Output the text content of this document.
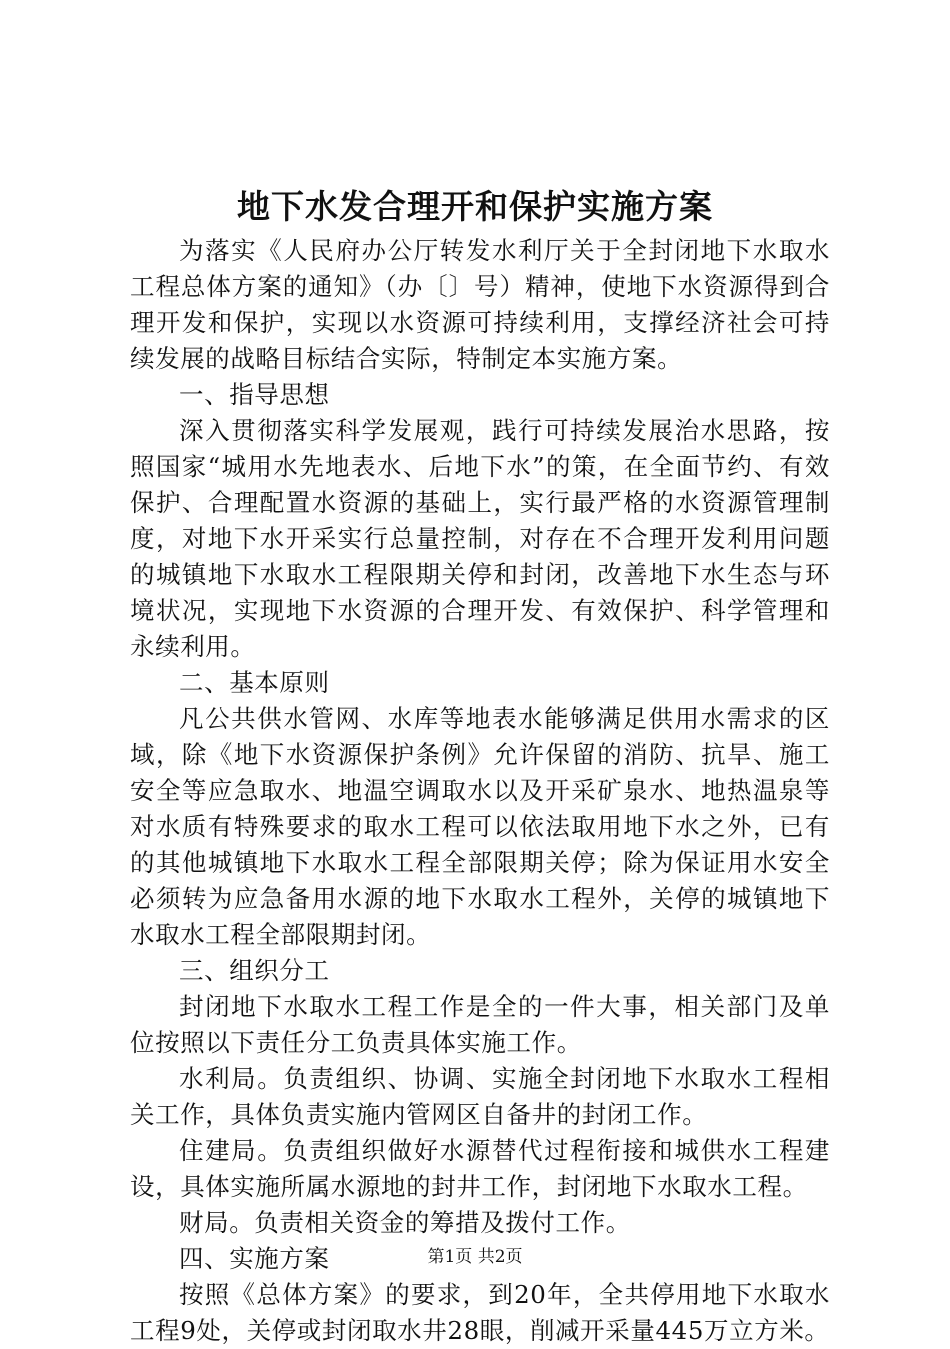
地下水发合理开和保护实施方案

为落实《人民府办公厅转发水利厅关于全封闭地下水取水工程总体方案的通知》（办〔〕号）精神，使地下水资源得到合理开发和保护，实现以水资源可持续利用，支撑经济社会可持续发展的战略目标结合实际，特制定本实施方案。

一、指导思想

深入贯彻落实科学发展观，践行可持续发展治水思路，按照国家“城用水先地表水、后地下水”的策，在全面节约、有效保护、合理配置水资源的基础上，实行最严格的水资源管理制度，对地下水开采实行总量控制，对存在不合理开发利用问题的城镇地下水取水工程限期关停和封闭，改善地下水生态与环境状况，实现地下水资源的合理开发、有效保护、科学管理和永续利用。

二、基本原则

凡公共供水管网、水库等地表水能够满足供用水需求的区域，除《地下水资源保护条例》允许保留的消防、抗旱、施工安全等应急取水、地温空调取水以及开采矿泉水、地热温泉等对水质有特殊要求的取水工程可以依法取用地下水之外，已有的其他城镇地下水取水工程全部限期关停；除为保证用水安全必须转为应急备用水源的地下水取水工程外，关停的城镇地下水取水工程全部限期封闭。

三、组织分工

封闭地下水取水工程工作是全的一件大事，相关部门及单位按照以下责任分工负责具体实施工作。

水利局。负责组织、协调、实施全封闭地下水取水工程相关工作，具体负责实施内管网区自备井的封闭工作。

住建局。负责组织做好水源替代过程衔接和城供水工程建设，具体实施所属水源地的封井工作，封闭地下水取水工程。

财局。负责相关资金的筹措及拨付工作。

四、实施方案

按照《总体方案》的要求，到20年，全共停用地下水取水工程9处，关停或封闭取水井28眼，削减开采量445万立方米。

第1页 共2页
